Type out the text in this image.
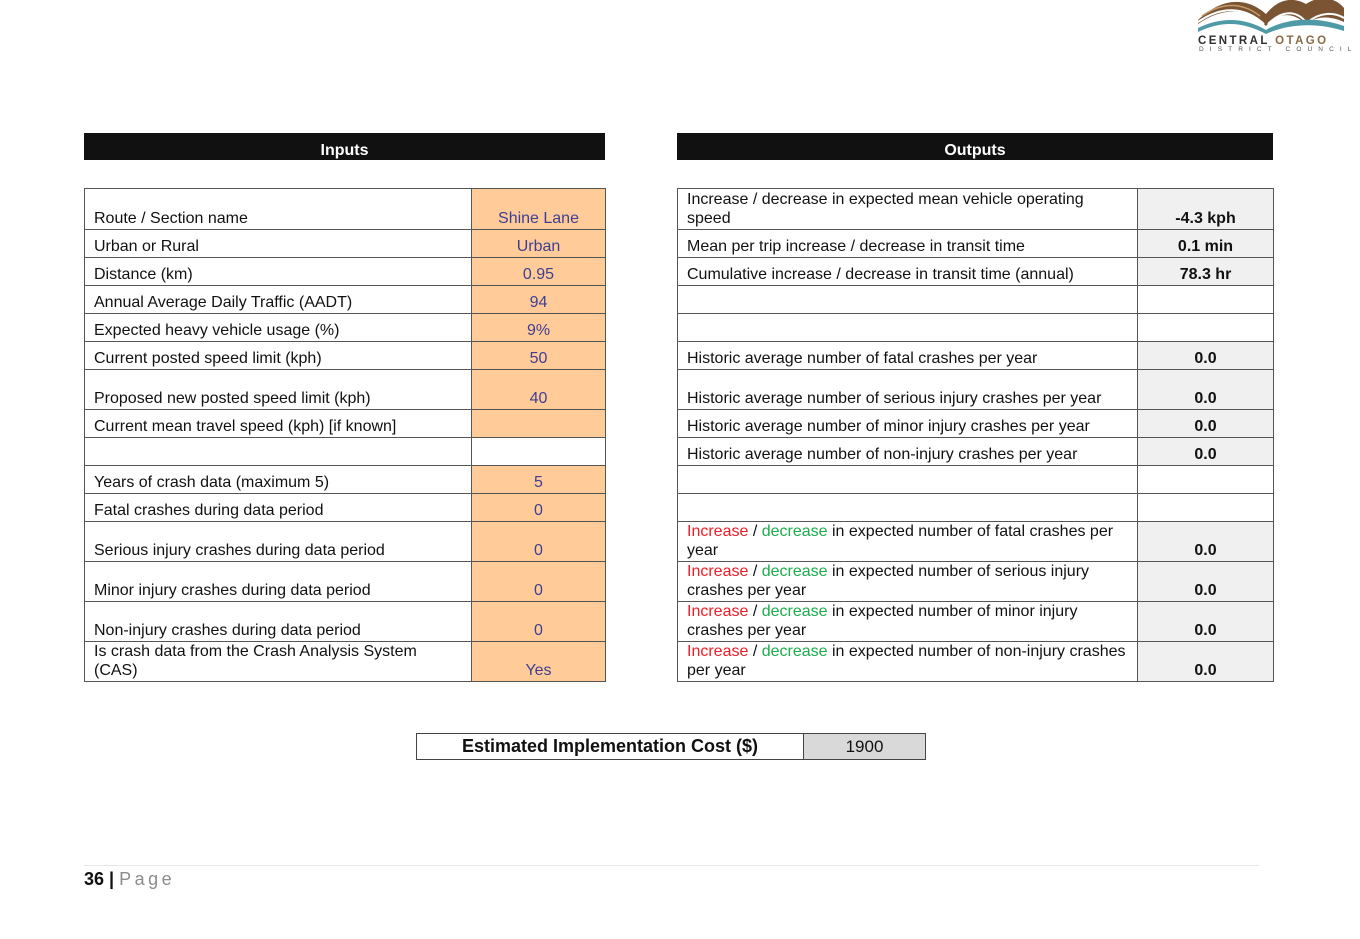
CENTRAL OTAGO
DISTRICT COUNCIL
Inputs	Outputs
Route / Section name	Shine Lane
Urban or Rural	Urban
Distance (km)	0.95
Annual Average Daily Traffic (AADT)	94
Expected heavy vehicle usage (%)	9%
Current posted speed limit (kph)	50
Proposed new posted speed limit (kph)	40
Current mean travel speed (kph) [if known]	

Years of crash data (maximum 5)	5
Fatal crashes during data period	0
Serious injury crashes during data period	0
Minor injury crashes during data period	0
Non-injury crashes during data period	0
Is crash data from the Crash Analysis System (CAS)	Yes
Increase / decrease in expected mean vehicle operating speed	-4.3 kph
Mean per trip increase / decrease in transit time	0.1 min
Cumulative increase / decrease in transit time (annual)	78.3 hr

Historic average number of fatal crashes per year	0.0
Historic average number of serious injury crashes per year	0.0
Historic average number of minor injury crashes per year	0.0
Historic average number of non-injury crashes per year	0.0

Increase / decrease in expected number of fatal crashes per year	0.0
Increase / decrease in expected number of serious injury crashes per year	0.0
Increase / decrease in expected number of minor injury crashes per year	0.0
Increase / decrease in expected number of non-injury crashes per year	0.0
Estimated Implementation Cost ($)	1900
36 | Page
